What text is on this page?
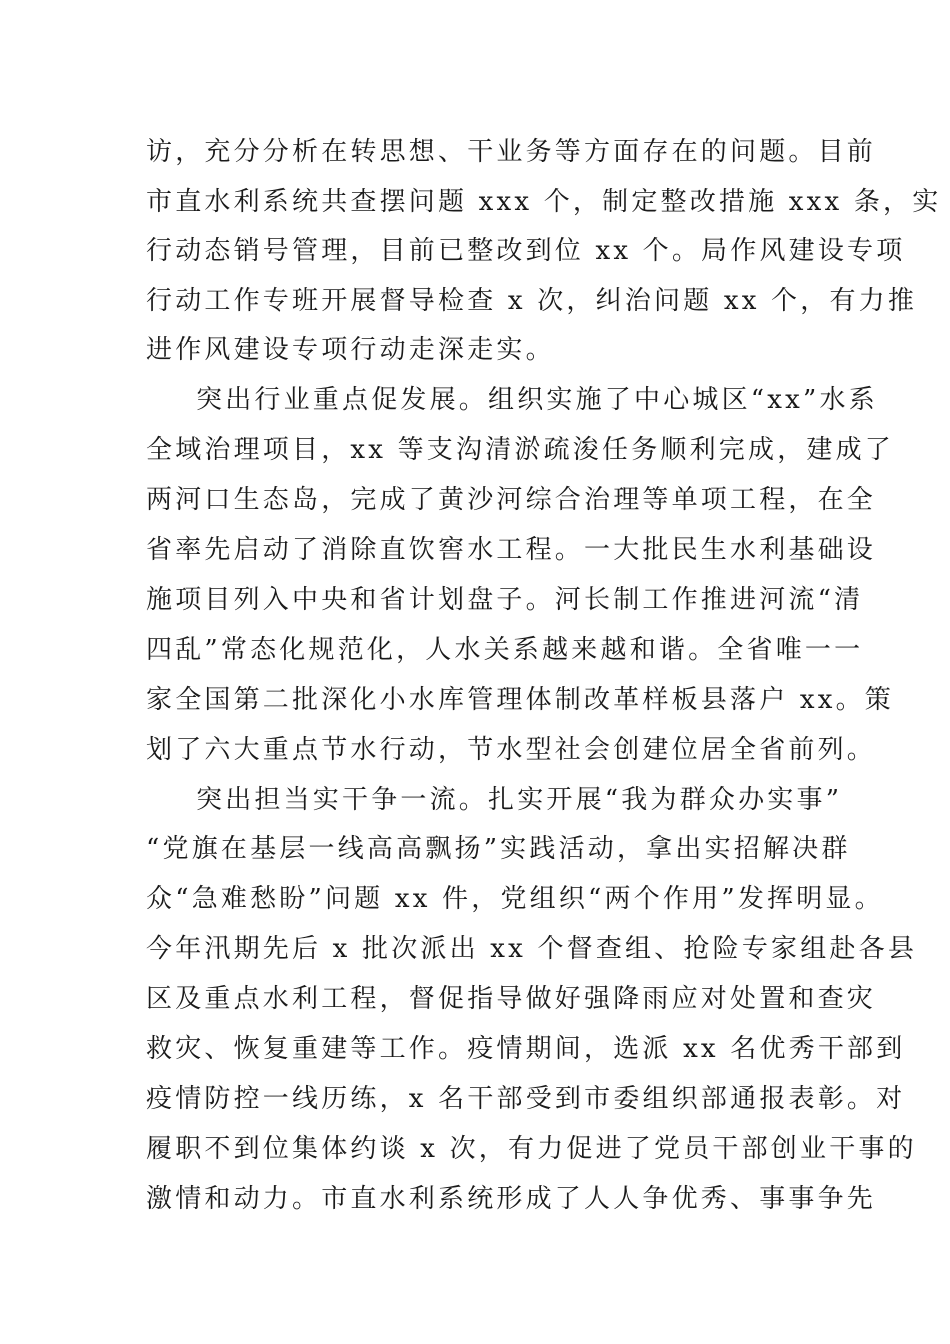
访，充分分析在转思想、干业务等方面存在的问题。目前
市直水利系统共查摆问题 xxx 个，制定整改措施 xxx 条，实
行动态销号管理，目前已整改到位 xx 个。局作风建设专项
行动工作专班开展督导检查 x 次，纠治问题 xx 个，有力推
进作风建设专项行动走深走实。
突出行业重点促发展。组织实施了中心城区“xx”水系
全域治理项目，xx 等支沟清淤疏浚任务顺利完成，建成了
两河口生态岛，完成了黄沙河综合治理等单项工程，在全
省率先启动了消除直饮窖水工程。一大批民生水利基础设
施项目列入中央和省计划盘子。河长制工作推进河流“清
四乱”常态化规范化，人水关系越来越和谐。全省唯一一
家全国第二批深化小水库管理体制改革样板县落户 xx。策
划了六大重点节水行动，节水型社会创建位居全省前列。
突出担当实干争一流。扎实开展“我为群众办实事”
“党旗在基层一线高高飘扬”实践活动，拿出实招解决群
众“急难愁盼”问题 xx 件，党组织“两个作用”发挥明显。
今年汛期先后 x 批次派出 xx 个督查组、抢险专家组赴各县
区及重点水利工程，督促指导做好强降雨应对处置和查灾
救灾、恢复重建等工作。疫情期间，选派 xx 名优秀干部到
疫情防控一线历练，x 名干部受到市委组织部通报表彰。对
履职不到位集体约谈 x 次，有力促进了党员干部创业干事的
激情和动力。市直水利系统形成了人人争优秀、事事争先
